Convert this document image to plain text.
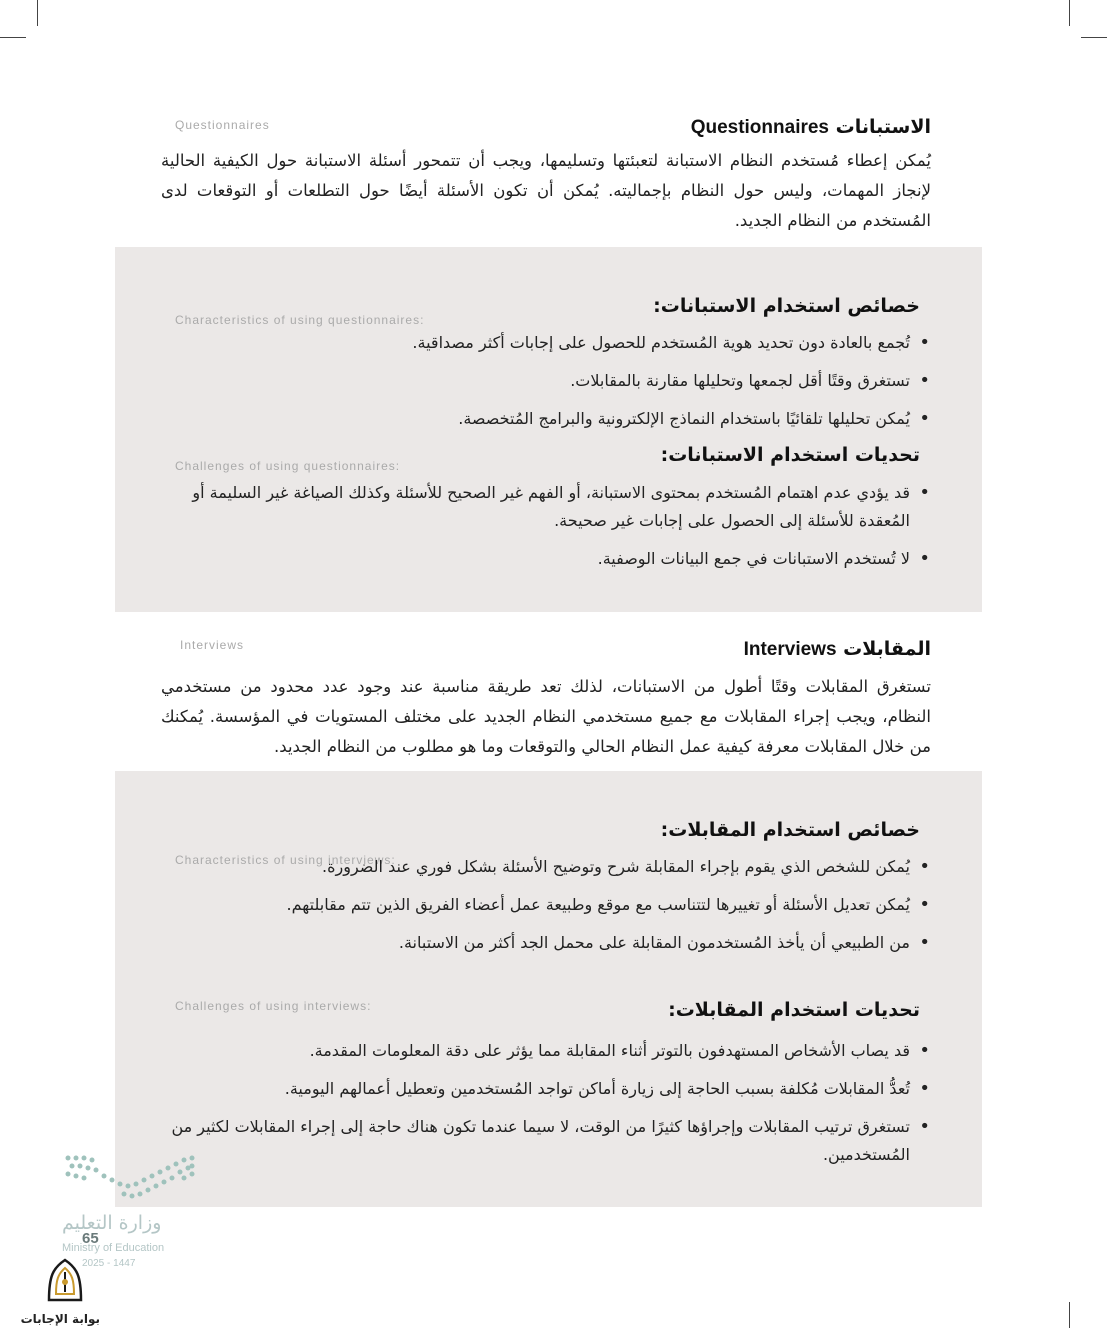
Questionnaires	الاستبانات Questionnaires
يُمكن إعطاء مُستخدم النظام الاستبانة لتعبئتها وتسليمها، ويجب أن تتمحور أسئلة الاستبانة حول الكيفية الحالية لإنجاز المهمات، وليس حول النظام بإجماليته. يُمكن أن تكون الأسئلة أيضًا حول التطلعات أو التوقعات لدى المُستخدم من النظام الجديد.
Characteristics of using questionnaires:
خصائص استخدام الاستبانات:
• تُجمع بالعادة دون تحديد هوية المُستخدم للحصول على إجابات أكثر مصداقية.
• تستغرق وقتًا أقل لجمعها وتحليلها مقارنة بالمقابلات.
• يُمكن تحليلها تلقائيًا باستخدام النماذج الإلكترونية والبرامج المُتخصصة.
Challenges of using questionnaires:	تحديات استخدام الاستبانات:
• قد يؤدي عدم اهتمام المُستخدم بمحتوى الاستبانة، أو الفهم غير الصحيح للأسئلة وكذلك الصياغة غير السليمة أو المُعقدة للأسئلة إلى الحصول على إجابات غير صحيحة.
• لا تُستخدم الاستبانات في جمع البيانات الوصفية.
Interviews	المقابلات Interviews
تستغرق المقابلات وقتًا أطول من الاستبانات، لذلك تعد طريقة مناسبة عند وجود عدد محدود من مستخدمي النظام، ويجب إجراء المقابلات مع جميع مستخدمي النظام الجديد على مختلف المستويات في المؤسسة. يُمكنك من خلال المقابلات معرفة كيفية عمل النظام الحالي والتوقعات وما هو مطلوب من النظام الجديد.
Characteristics of using interviews:
خصائص استخدام المقابلات:
• يُمكن للشخص الذي يقوم بإجراء المقابلة شرح وتوضيح الأسئلة بشكل فوري عند الضرورة.
• يُمكن تعديل الأسئلة أو تغييرها لتتناسب مع موقع وطبيعة عمل أعضاء الفريق الذين تتم مقابلتهم.
• من الطبيعي أن يأخذ المُستخدمون المقابلة على محمل الجد أكثر من الاستبانة.
Challenges of using interviews:	تحديات استخدام المقابلات:
• قد يصاب الأشخاص المستهدفون بالتوتر أثناء المقابلة مما يؤثر على دقة المعلومات المقدمة.
• تُعدُّ المقابلات مُكلفة بسبب الحاجة إلى زيارة أماكن تواجد المُستخدمين وتعطيل أعمالهم اليومية.
• تستغرق ترتيب المقابلات وإجراؤها كثيرًا من الوقت، لا سيما عندما تكون هناك حاجة إلى إجراء المقابلات لكثير من المُستخدمين.
وزارة التعليم
65
Ministry of Education
2025 - 1447
بوابة الإجابات
